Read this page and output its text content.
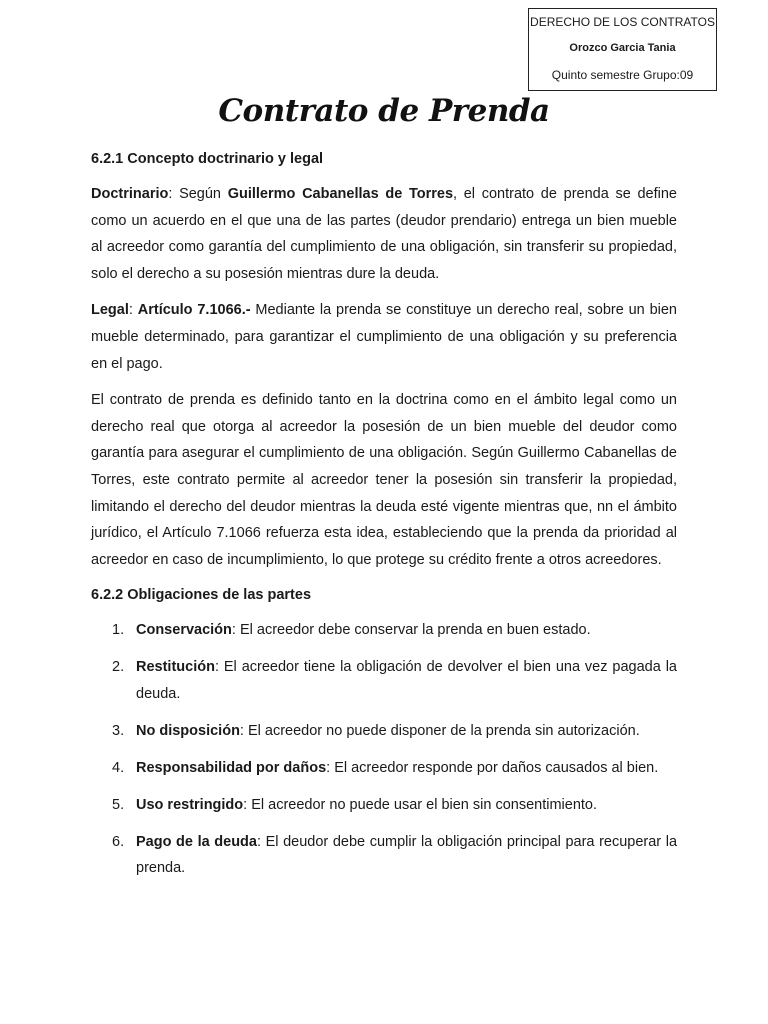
DERECHO DE LOS CONTRATOS
Orozco Garcia Tania
Quinto semestre Grupo:09
Contrato de Prenda

6.2.1 Concepto doctrinario y legal

Doctrinario: Según Guillermo Cabanellas de Torres, el contrato de prenda se define como un acuerdo en el que una de las partes (deudor prendario) entrega un bien mueble al acreedor como garantía del cumplimiento de una obligación, sin transferir su propiedad, solo el derecho a su posesión mientras dure la deuda.

Legal: Artículo 7.1066.- Mediante la prenda se constituye un derecho real, sobre un bien mueble determinado, para garantizar el cumplimiento de una obligación y su preferencia en el pago.

El contrato de prenda es definido tanto en la doctrina como en el ámbito legal como un derecho real que otorga al acreedor la posesión de un bien mueble del deudor como garantía para asegurar el cumplimiento de una obligación. Según Guillermo Cabanellas de Torres, este contrato permite al acreedor tener la posesión sin transferir la propiedad, limitando el derecho del deudor mientras la deuda esté vigente mientras que, nn el ámbito jurídico, el Artículo 7.1066 refuerza esta idea, estableciendo que la prenda da prioridad al acreedor en caso de incumplimiento, lo que protege su crédito frente a otros acreedores.

6.2.2 Obligaciones de las partes

1. Conservación: El acreedor debe conservar la prenda en buen estado.
2. Restitución: El acreedor tiene la obligación de devolver el bien una vez pagada la deuda.
3. No disposición: El acreedor no puede disponer de la prenda sin autorización.
4. Responsabilidad por daños: El acreedor responde por daños causados al bien.
5. Uso restringido: El acreedor no puede usar el bien sin consentimiento.
6. Pago de la deuda: El deudor debe cumplir la obligación principal para recuperar la prenda.
